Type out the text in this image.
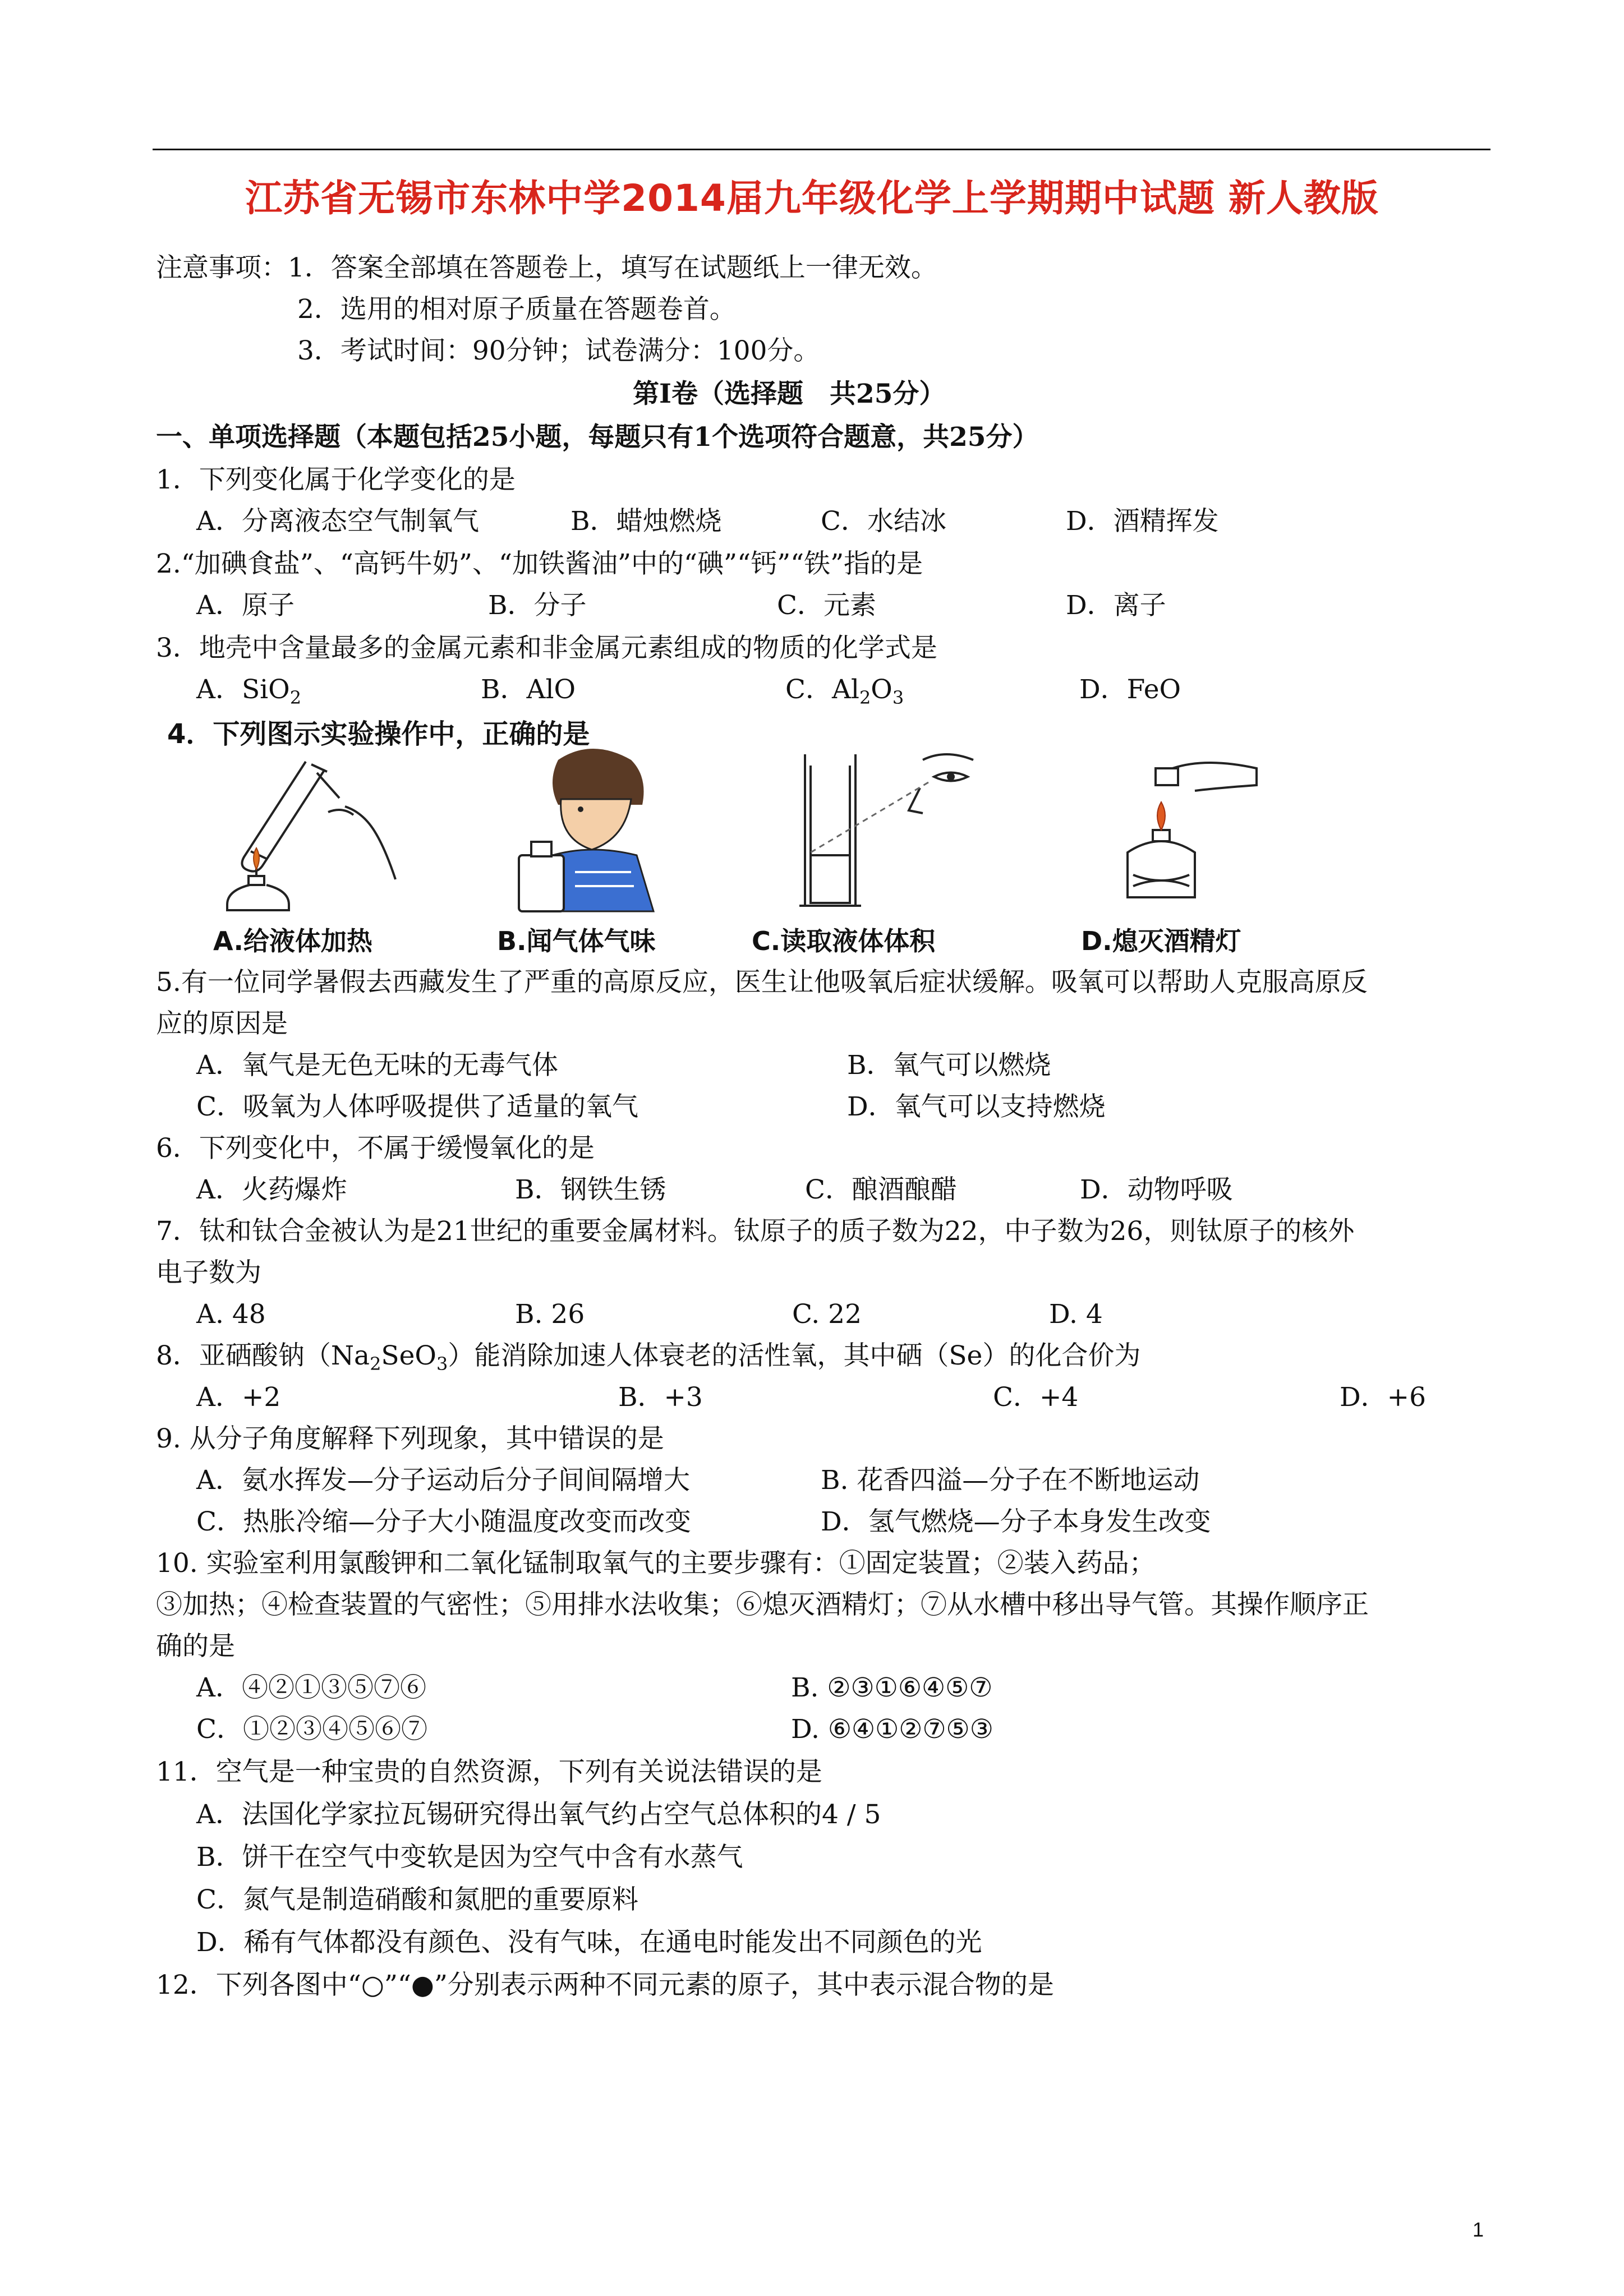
江苏省无锡市东林中学2014届九年级化学上学期期中试题 新人教版
注意事项：1．答案全部填在答题卷上，填写在试题纸上一律无效。
2．选用的相对原子质量在答题卷首。
3．考试时间：90分钟；试卷满分：100分。
第Ⅰ卷（选择题　共25分）
一、单项选择题（本题包括25小题，每题只有1个选项符合题意，共25分）
1．下列变化属于化学变化的是
A．分离液态空气制氧气	B．蜡烛燃烧	C．水结冰	D．酒精挥发
2.“加碘食盐”、“高钙牛奶”、“加铁酱油”中的“碘”“钙”“铁”指的是
A．原子	B．分子	C．元素	D．离子
3．地壳中含量最多的金属元素和非金属元素组成的物质的化学式是
A．SiO$_2$	B．AlO	C．$Al_2O_3$	D．FeO
4．下列图示实验操作中，正确的是
A.给液体加热	B.闻气体气味	C.读取液体体积	D.熄灭酒精灯
5.有一位同学暑假去西藏发生了严重的高原反应，医生让他吸氧后症状缓解。吸氧可以帮助人克服高原反
应的原因是
A．氧气是无色无味的无毒气体	B．氧气可以燃烧
C．吸氧为人体呼吸提供了适量的氧气	D．氧气可以支持燃烧
6．下列变化中，不属于缓慢氧化的是
A．火药爆炸	B．钢铁生锈	C．酿酒酿醋	D．动物呼吸
7．钛和钛合金被认为是21世纪的重要金属材料。钛原子的质子数为22，中子数为26，则钛原子的核外
电子数为
A. 48	B. 26	C. 22	D. 4
8．亚硒酸钠$(Na_2SeO_3)$能消除加速人体衰老的活性氧，其中硒（Se）的化合价为
A．+2	B．+3	C．+4	D．+6
9. 从分子角度解释下列现象，其中错误的是
A．氨水挥发—分子运动后分子间间隔增大	B. 花香四溢—分子在不断地运动
C．热胀冷缩—分子大小随温度改变而改变	D．氢气燃烧—分子本身发生改变
10. 实验室利用氯酸钾和二氧化锰制取氧气的主要步骤有：①固定装置；②装入药品；
③加热；④检查装置的气密性；⑤用排水法收集；⑥熄灭酒精灯；⑦从水槽中移出导气管。其操作顺序正
确的是
A．④②①③⑤⑦⑥	B. ②③①⑥④⑤⑦
C．①②③④⑤⑥⑦	D. ⑥④①②⑦⑤③
11．空气是一种宝贵的自然资源，下列有关说法错误的是
A．法国化学家拉瓦锡研究得出氧气约占空气总体积的4 / 5
B．饼干在空气中变软是因为空气中含有水蒸气
C．氮气是制造硝酸和氮肥的重要原料
D．稀有气体都没有颜色、没有气味，在通电时能发出不同颜色的光
12．下列各图中“○”“●”分别表示两种不同元素的原子，其中表示混合物的是
1
